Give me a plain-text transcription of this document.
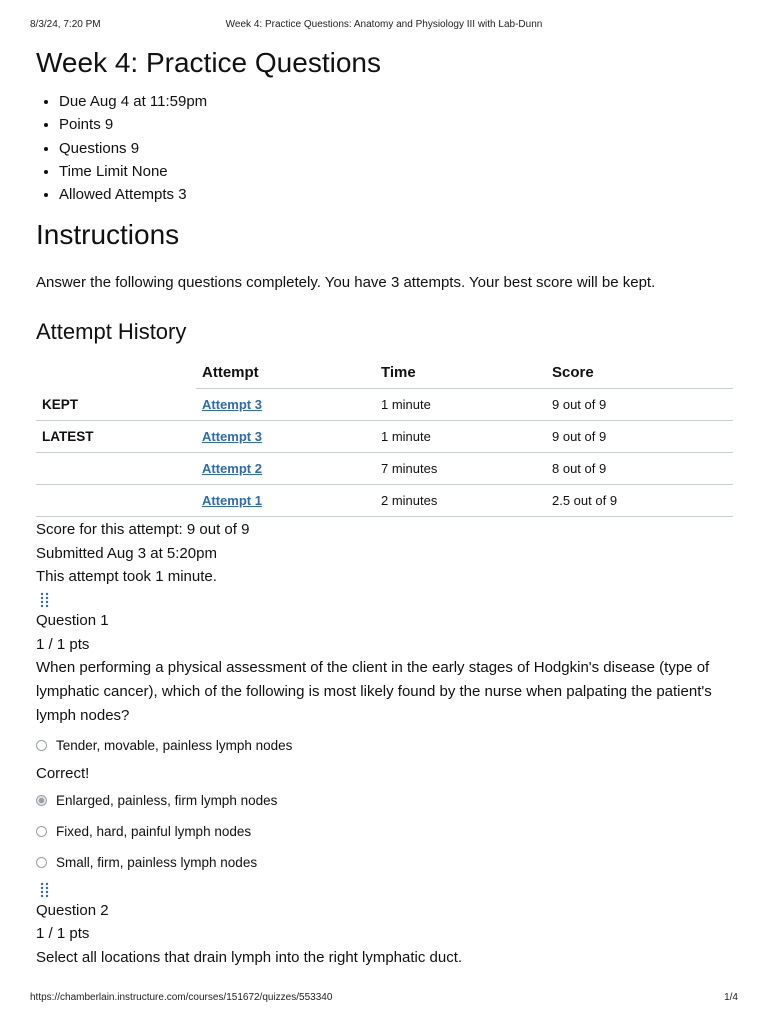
8/3/24, 7:20 PM	Week 4: Practice Questions: Anatomy and Physiology III with Lab-Dunn
Week 4: Practice Questions
• Due Aug 4 at 11:59pm
• Points 9
• Questions 9
• Time Limit None
• Allowed Attempts 3
Instructions

Answer the following questions completely. You have 3 attempts. Your best score will be kept.

Attempt History
	Attempt	Time	Score
KEPT	Attempt 3	1 minute	9 out of 9
LATEST	Attempt 3	1 minute	9 out of 9
	Attempt 2	7 minutes	8 out of 9
	Attempt 1	2 minutes	2.5 out of 9

Score for this attempt: 9 out of 9

Submitted Aug 3 at 5:20pm

This attempt took 1 minute.

Question 1

1 / 1 pts

When performing a physical assessment of the client in the early stages of Hodgkin's disease (type of lymphatic cancer), which of the following is most likely found by the nurse when palpating the patient's lymph nodes?

Tender, movable, painless lymph nodes
Correct!
Enlarged, painless, firm lymph nodes
Fixed, hard, painful lymph nodes
Small, firm, painless lymph nodes

Question 2

1 / 1 pts

Select all locations that drain lymph into the right lymphatic duct.

https://chamberlain.instructure.com/courses/151672/quizzes/553340	1/4
